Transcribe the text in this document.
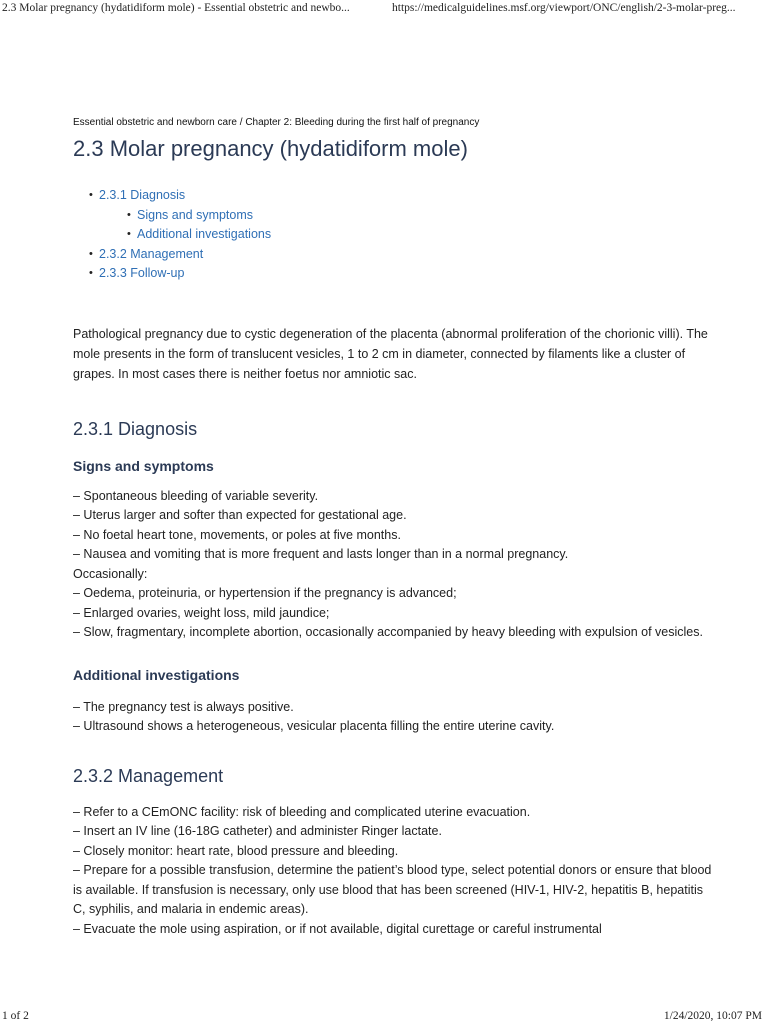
2.3 Molar pregnancy (hydatidiform mole) - Essential obstetric and newbo...	https://medicalguidelines.msf.org/viewport/ONC/english/2-3-molar-preg...

Essential obstetric and newborn care / Chapter 2: Bleeding during the first half of pregnancy

2.3 Molar pregnancy (hydatidiform mole)
• 2.3.1 Diagnosis
• Signs and symptoms
• Additional investigations
• 2.3.2 Management
• 2.3.3 Follow-up

Pathological pregnancy due to cystic degeneration of the placenta (abnormal proliferation of the chorionic villi). The mole presents in the form of translucent vesicles, 1 to 2 cm in diameter, connected by filaments like a cluster of grapes. In most cases there is neither foetus nor amniotic sac.

2.3.1 Diagnosis
Signs and symptoms
– Spontaneous bleeding of variable severity.
– Uterus larger and softer than expected for gestational age.
– No foetal heart tone, movements, or poles at five months.
– Nausea and vomiting that is more frequent and lasts longer than in a normal pregnancy.
Occasionally:
– Oedema, proteinuria, or hypertension if the pregnancy is advanced;
– Enlarged ovaries, weight loss, mild jaundice;
– Slow, fragmentary, incomplete abortion, occasionally accompanied by heavy bleeding with expulsion of vesicles.
Additional investigations
– The pregnancy test is always positive.
– Ultrasound shows a heterogeneous, vesicular placenta filling the entire uterine cavity.
2.3.2 Management
– Refer to a CEmONC facility: risk of bleeding and complicated uterine evacuation.
– Insert an IV line (16-18G catheter) and administer Ringer lactate.
– Closely monitor: heart rate, blood pressure and bleeding.
– Prepare for a possible transfusion, determine the patient’s blood type, select potential donors or ensure that blood is available. If transfusion is necessary, only use blood that has been screened (HIV-1, HIV-2, hepatitis B, hepatitis C, syphilis, and malaria in endemic areas).
– Evacuate the mole using aspiration, or if not available, digital curettage or careful instrumental
1 of 2	1/24/2020, 10:07 PM
